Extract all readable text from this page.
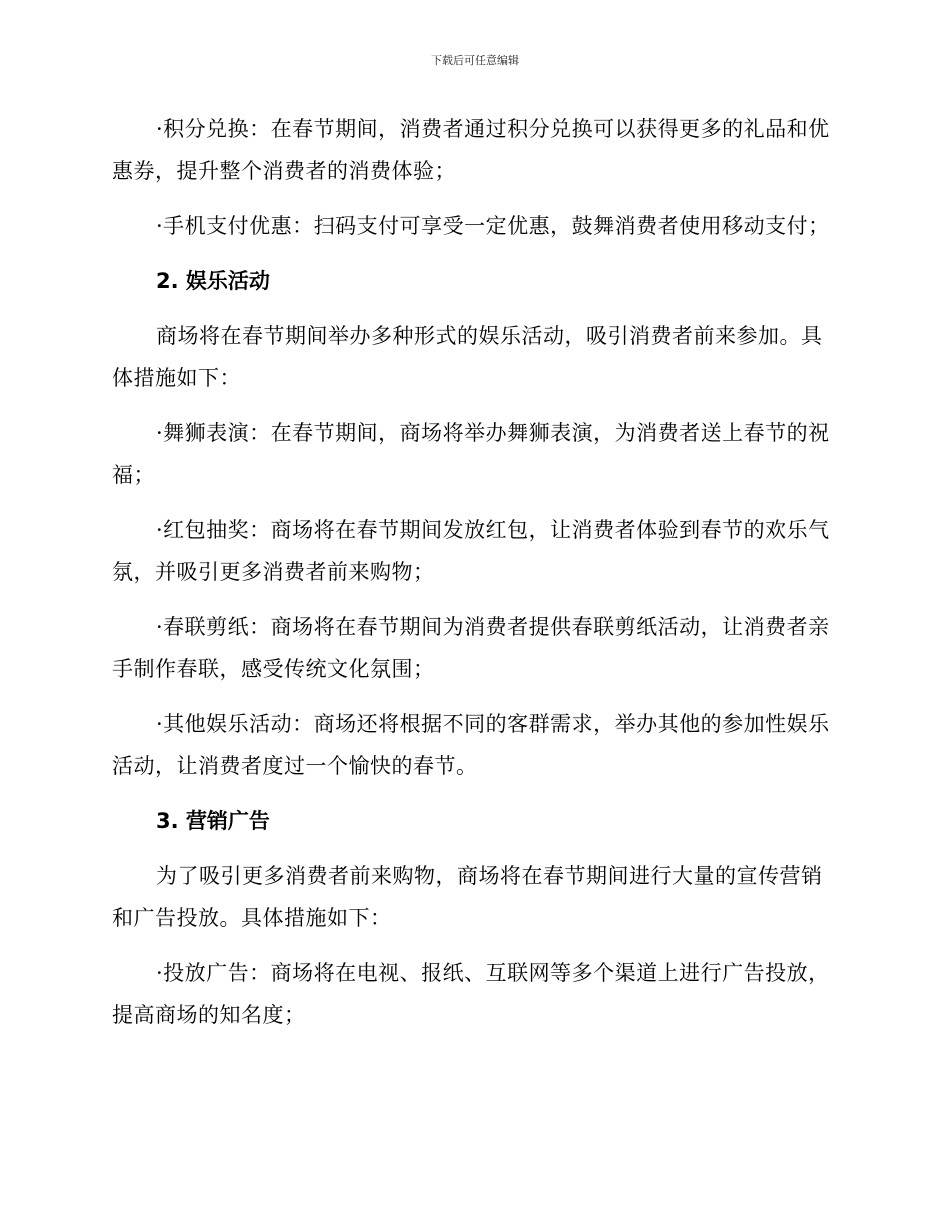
下载后可任意编辑

·积分兑换：在春节期间，消费者通过积分兑换可以获得更多的礼品和优惠券，提升整个消费者的消费体验；

·手机支付优惠：扫码支付可享受一定优惠，鼓舞消费者使用移动支付；

2. 娱乐活动

商场将在春节期间举办多种形式的娱乐活动，吸引消费者前来参加。具体措施如下：

·舞狮表演：在春节期间，商场将举办舞狮表演，为消费者送上春节的祝福；

·红包抽奖：商场将在春节期间发放红包，让消费者体验到春节的欢乐气氛，并吸引更多消费者前来购物；

·春联剪纸：商场将在春节期间为消费者提供春联剪纸活动，让消费者亲手制作春联，感受传统文化氛围；

·其他娱乐活动：商场还将根据不同的客群需求，举办其他的参加性娱乐活动，让消费者度过一个愉快的春节。

3. 营销广告

为了吸引更多消费者前来购物，商场将在春节期间进行大量的宣传营销和广告投放。具体措施如下：

·投放广告：商场将在电视、报纸、互联网等多个渠道上进行广告投放，提高商场的知名度；
